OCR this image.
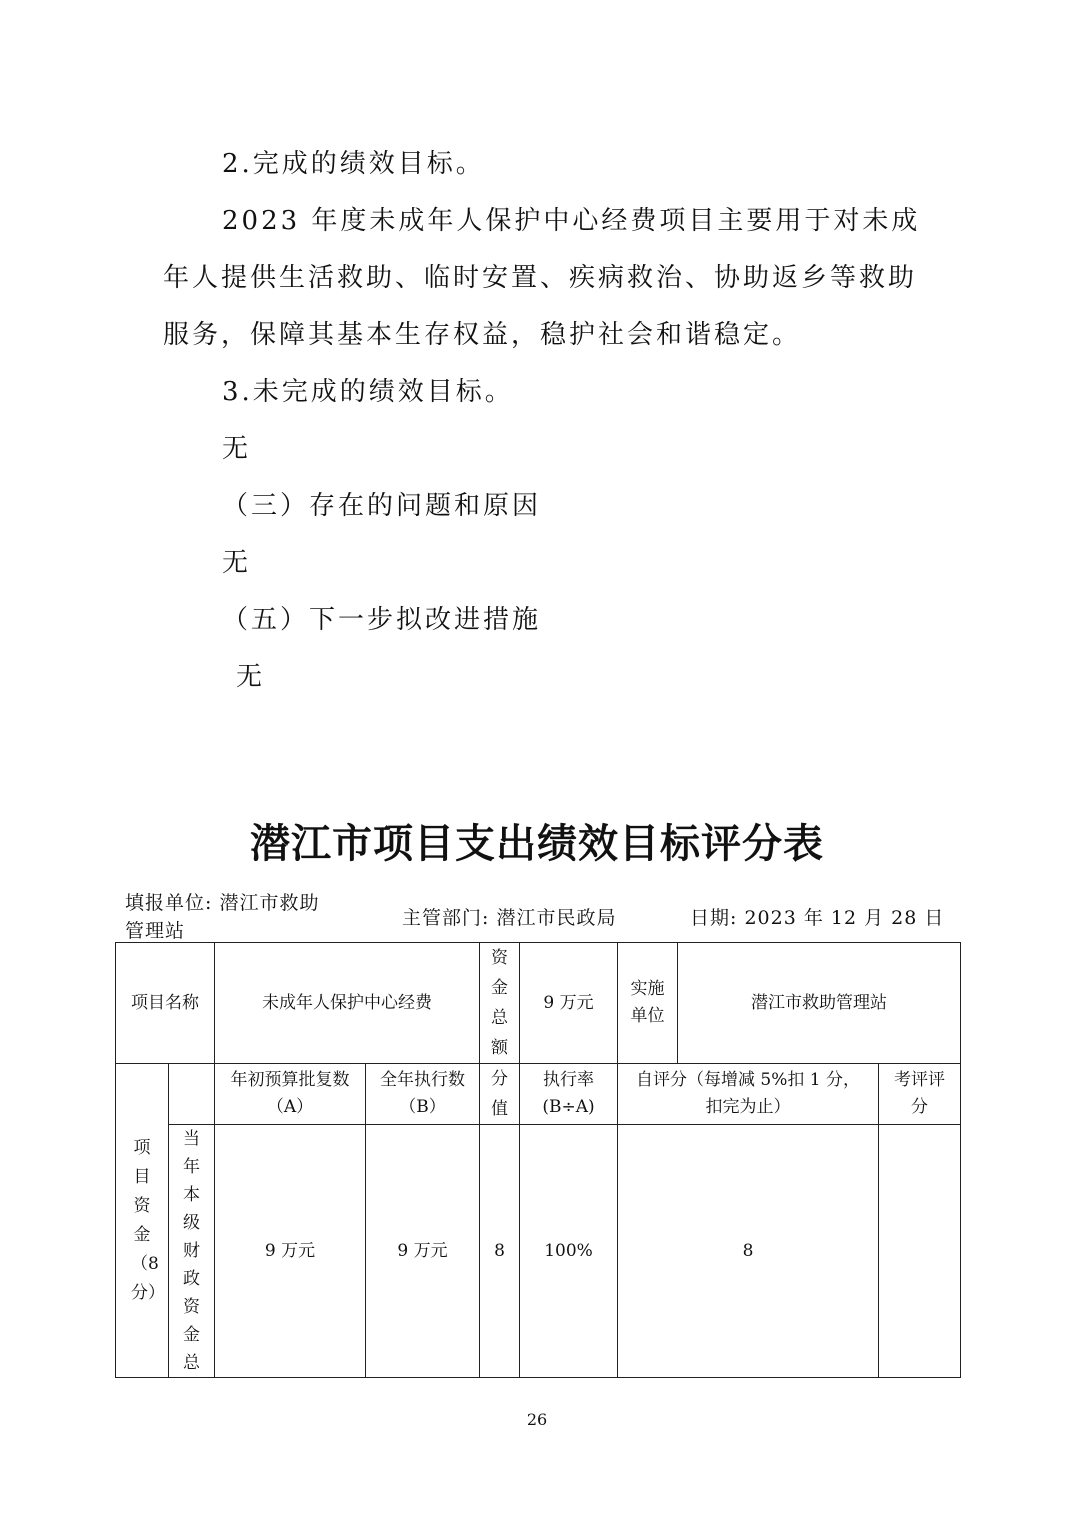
2.完成的绩效目标。
2023 年度未成年人保护中心经费项目主要用于对未成
年人提供生活救助、临时安置、疾病救治、协助返乡等救助
服务，保障其基本生存权益，稳护社会和谐稳定。
3.未完成的绩效目标。
无
（三）存在的问题和原因
无
（五）下一步拟改进措施
无
潜江市项目支出绩效目标评分表
填报单位: 潜江市救助
管理站
主管部门: 潜江市民政局	日期: 2023 年 12 月 28 日
项目名称		未成年人保护中心经费		资金总额	9 万元	实施单位	潜江市救助管理站	
项目资金（8分）		年初预算批复数（A）	全年执行数（B）	分值	执行率(B÷A)	自评分（每增减 5%扣 1 分，扣完为止）		考评评分
	当年本级财政资金总	9 万元	9 万元	8	100%	8		
26
